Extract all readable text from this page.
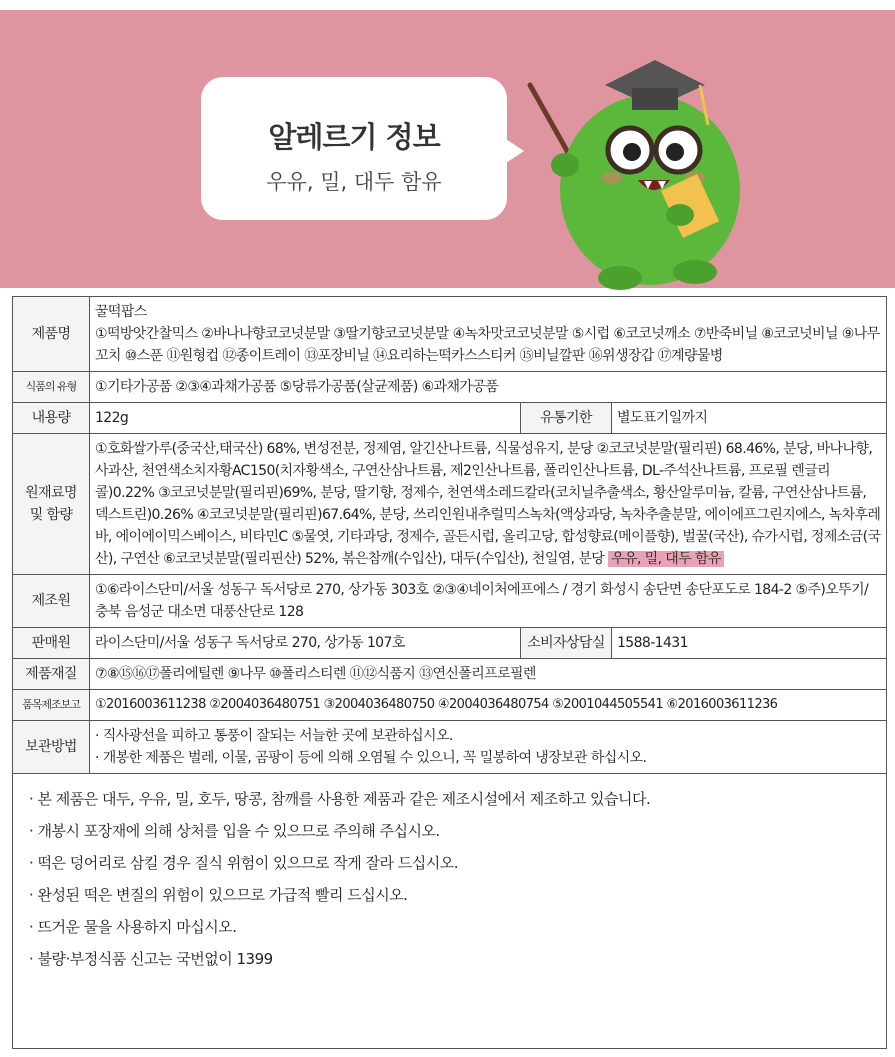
알레르기 정보
우유, 밀, 대두 함유
제품명	꿀떡팝스
①떡방앗간찰믹스 ②바나나향코코넛분말 ③딸기향코코넛분말 ④녹차맛코코넛분말 ⑤시럽 ⑥코코넛깨소 ⑦반죽비닐 ⑧코코넛비닐 ⑨나무꼬치 ⑩스푼 ⑪원형컵 ⑫종이트레이 ⑬포장비닐 ⑭요리하는떡카스스티커 ⑮비닐깔판 ⑯위생장갑 ⑰계량물병		
식품의 유형	①기타가공품 ②③④과채가공품 ⑤당류가공품(살균제품) ⑥과채가공품		
내용량	122g	유통기한	별도표기일까지
원재료명 및 함량	①호화쌀가루(중국산,태국산) 68%, 변성전분, 정제염, 알긴산나트륨, 식물성유지, 분당 ②코코넛분말(필리핀) 68.46%, 분당, 바나나향, 사과산, 천연색소치자황AC150(치자황색소, 구연산삼나트륨, 제2인산나트륨, 폴리인산나트륨, DL-주석산나트륨, 프로필 렌글리콜)0.22% ③코코넛분말(필리핀)69%, 분당, 딸기향, 정제수, 천연색소레드칼라(코치닐추출색소, 황산알루미늄, 칼륨, 구연산삼나트륨, 덱스트린)0.26% ④코코넛분말(필리핀)67.64%, 분당, 쓰리인원내추럴믹스녹차(액상과당, 녹차추출분말, 에이에프그린지에스, 녹차후레바, 에이에이믹스베이스, 비타민C ⑤물엿, 기타과당, 정제수, 골든시럽, 올리고당, 합성향료(메이플향), 벌꿀(국산), 슈가시럽, 정제소금(국산), 구연산 ⑥코코넛분말(필리핀산) 52%, 볶은참깨(수입산), 대두(수입산), 천일염, 분당 우유, 밀, 대두 함유		
제조원	①⑥라이스단미/서울 성동구 독서당로 270, 상가동 303호 ②③④네이처에프에스 / 경기 화성시 송단면 송단포도로 184-2 ⑤주)오뚜기/충북 음성군 대소면 대풍산단로 128		
판매원	라이스단미/서울 성동구 독서당로 270, 상가동 107호	소비자상담실	1588-1431
제품재질	⑦⑧⑮⑯⑰폴리에틸렌 ⑨나무 ⑩폴리스티렌 ⑪⑫식품지 ⑬연신폴리프로필렌		
품목제조보고	①2016003611238 ②2004036480751 ③2004036480750 ④2004036480754 ⑤2001044505541 ⑥2016003611236		
보관방법	· 직사광선을 피하고 통풍이 잘되는 서늘한 곳에 보관하십시오.
· 개봉한 제품은 벌레, 이물, 곰팡이 등에 의해 오염될 수 있으니, 꼭 밀봉하여 냉장보관 하십시오.		
· 본 제품은 대두, 우유, 밀, 호두, 땅콩, 참깨를 사용한 제품과 같은 제조시설에서 제조하고 있습니다.
· 개봉시 포장재에 의해 상처를 입을 수 있으므로 주의해 주십시오.
· 떡은 덩어리로 삼킬 경우 질식 위험이 있으므로 작게 잘라 드십시오.
· 완성된 떡은 변질의 위험이 있으므로 가급적 빨리 드십시오.
· 뜨거운 물을 사용하지 마십시오.
· 불량·부정식품 신고는 국번없이 1399
